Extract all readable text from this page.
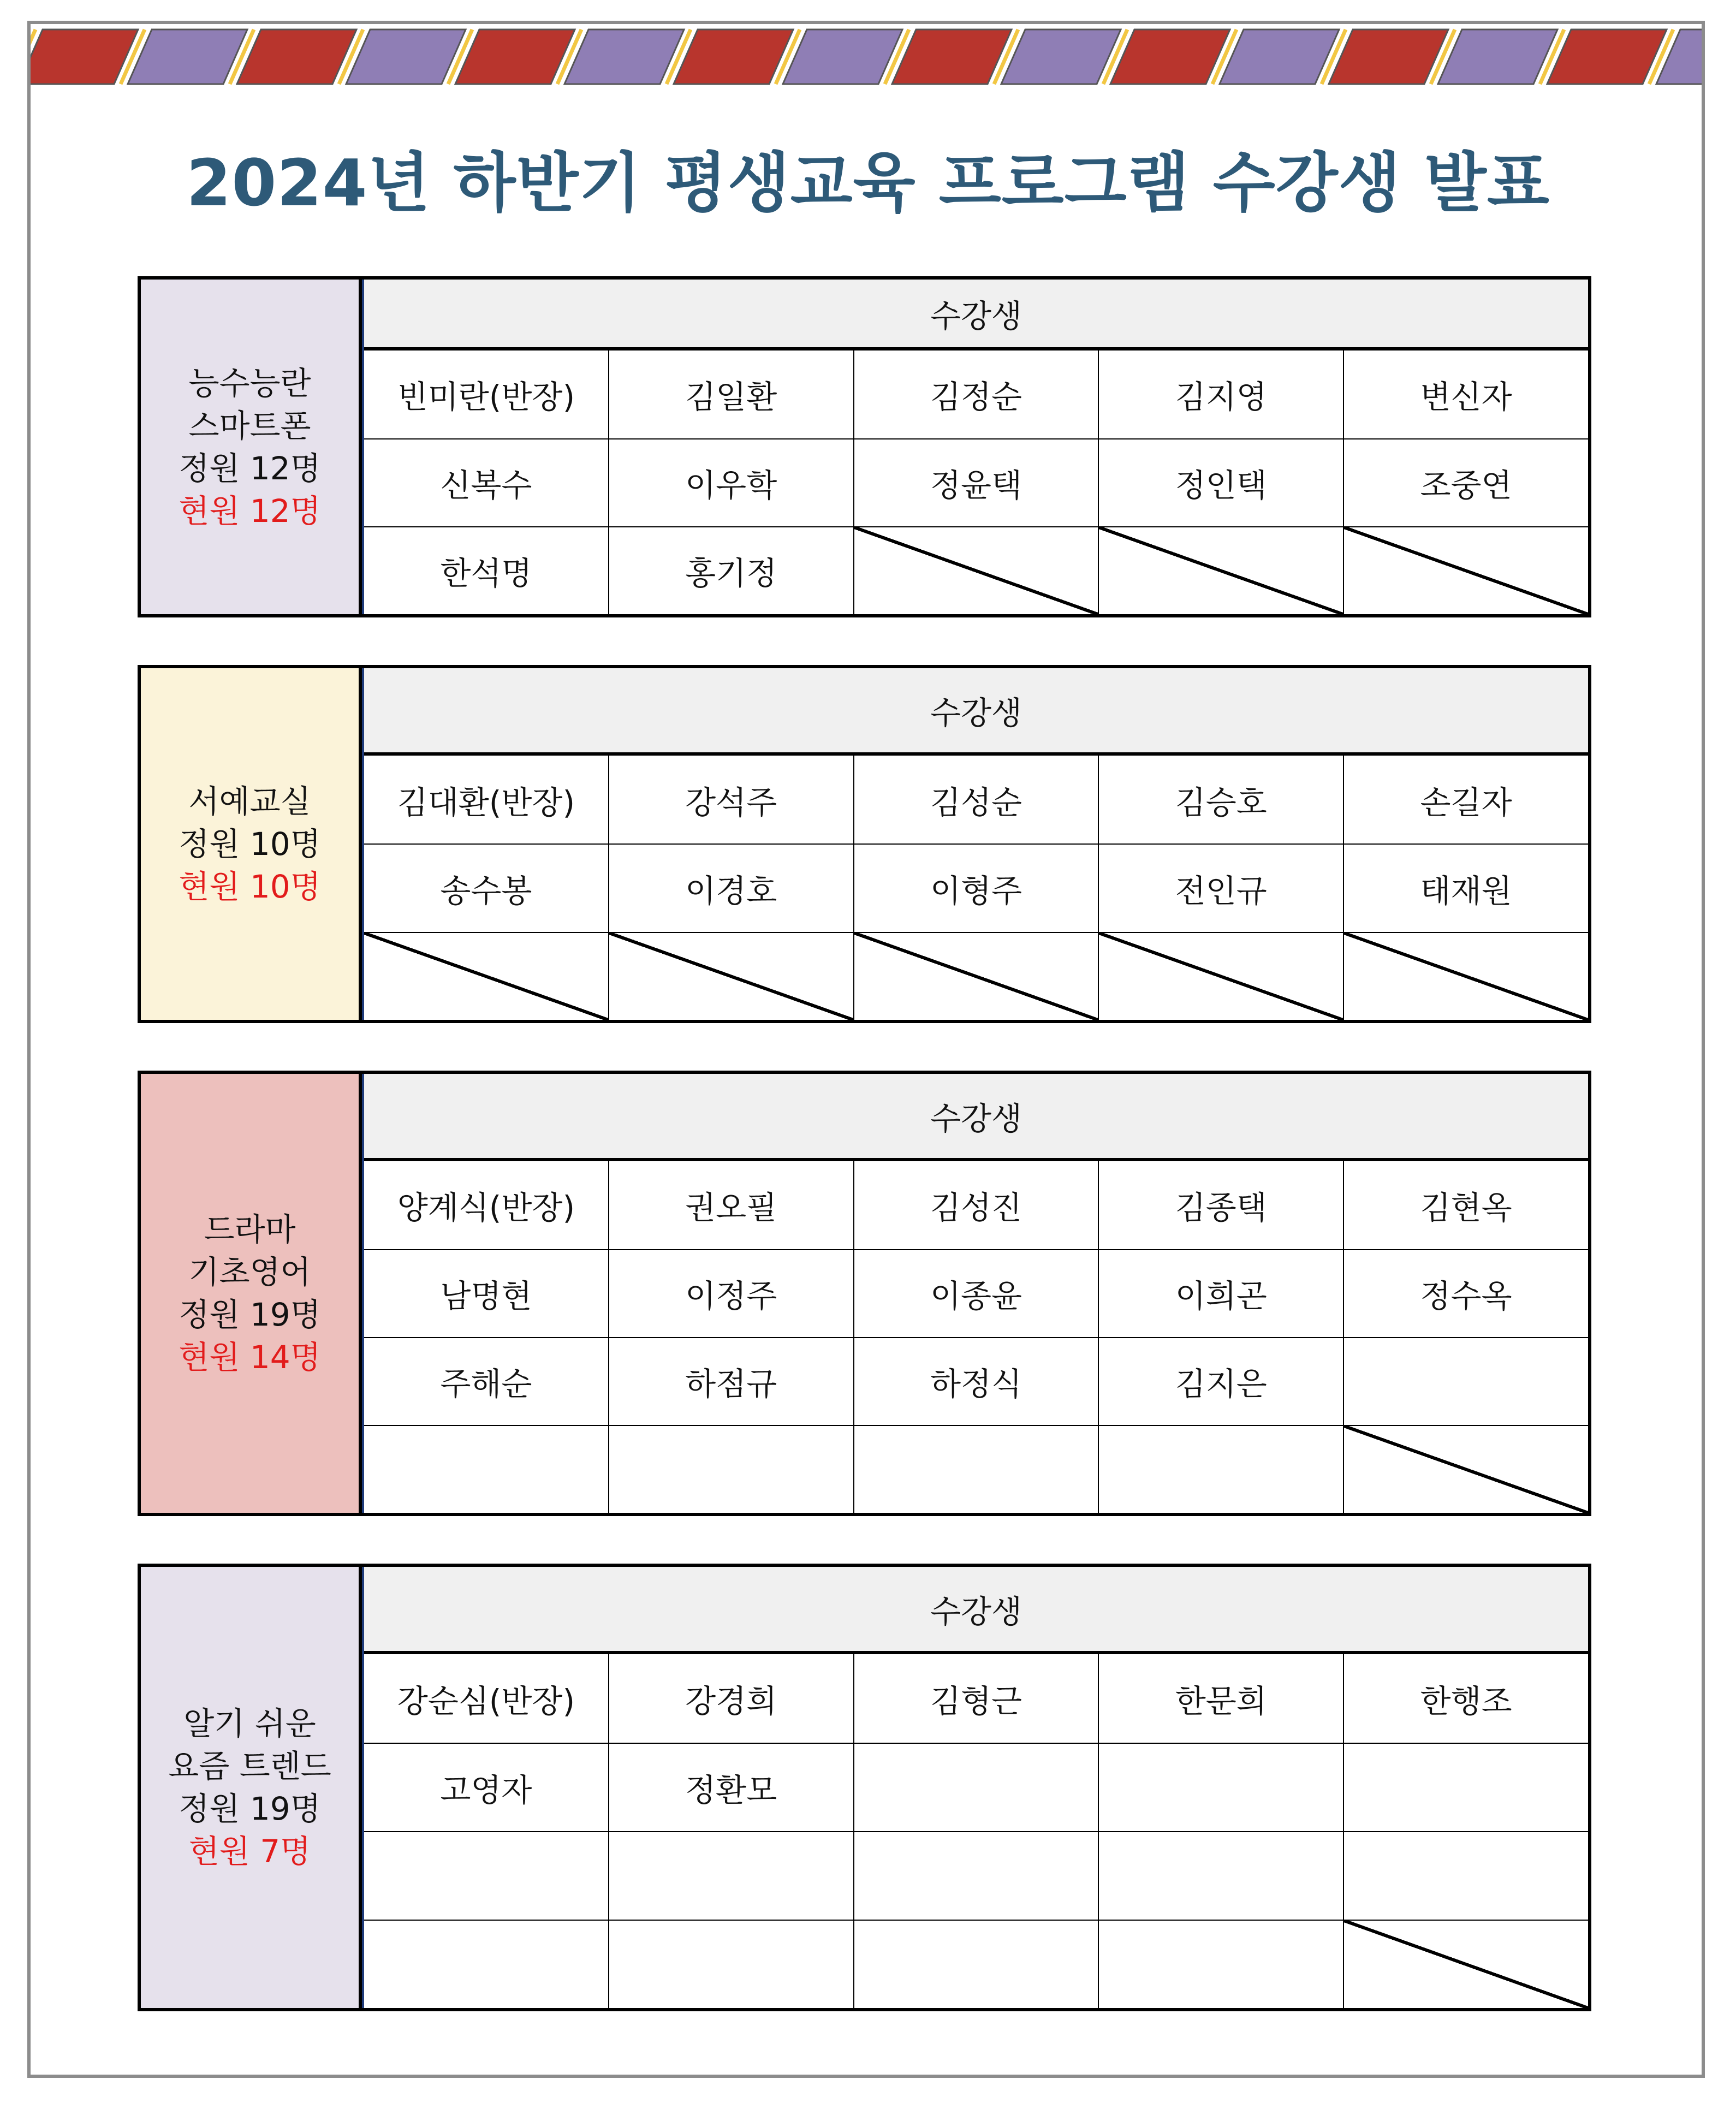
2024년 하반기 평생교육 프로그램 수강생 발표
능수능란
스마트폰
정원 12명
현원 12명
수강생
빈미란(반장)	김일환	김정순	김지영	변신자
신복수	이우학	정윤택	정인택	조중연
한석명	홍기정
서예교실
정원 10명
현원 10명
수강생
김대환(반장)	강석주	김성순	김승호	손길자
송수봉	이경호	이형주	전인규	태재원
드라마
기초영어
정원 19명
현원 14명
수강생
양계식(반장)	권오필	김성진	김종택	김현옥
남명현	이정주	이종윤	이희곤	정수옥
주해순	하점규	하정식	김지은
알기 쉬운
요즘 트렌드
정원 19명
현원 7명
수강생
강순심(반장)	강경희	김형근	한문희	한행조
고영자	정환모
